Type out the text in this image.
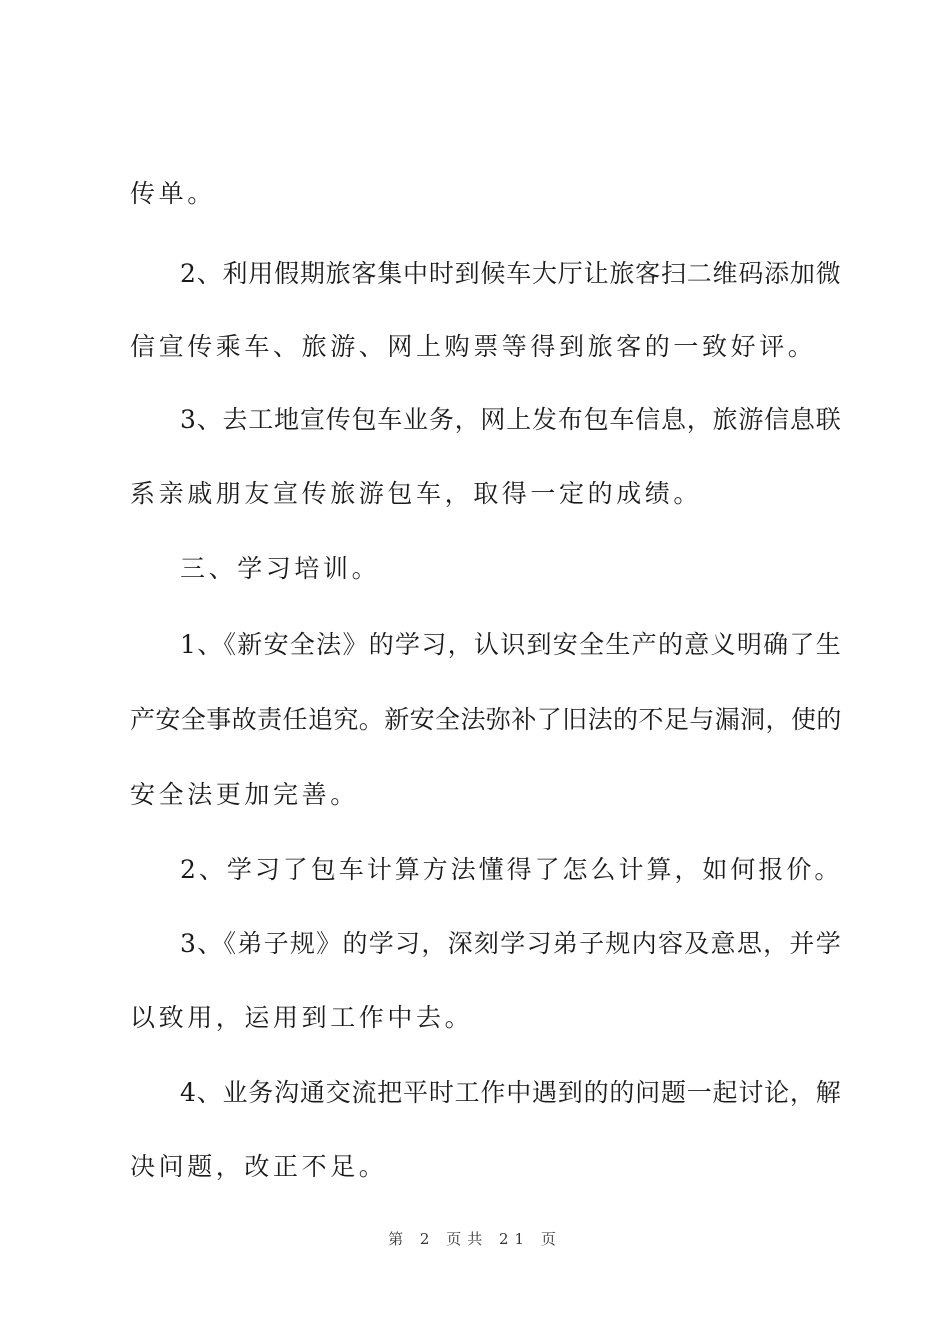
传单。
2、利用假期旅客集中时到候车大厅让旅客扫二维码添加微
信宣传乘车、旅游、网上购票等得到旅客的一致好评。
3、去工地宣传包车业务，网上发布包车信息，旅游信息联
系亲戚朋友宣传旅游包车，取得一定的成绩。
三、学习培训。
1、《新安全法》的学习，认识到安全生产的意义明确了生
产安全事故责任追究。新安全法弥补了旧法的不足与漏洞，使的
安全法更加完善。
2、学习了包车计算方法懂得了怎么计算，如何报价。
3、《弟子规》的学习，深刻学习弟子规内容及意思，并学
以致用，运用到工作中去。
4、业务沟通交流把平时工作中遇到的的问题一起讨论，解
决问题，改正不足。
第 2 页共 21 页
